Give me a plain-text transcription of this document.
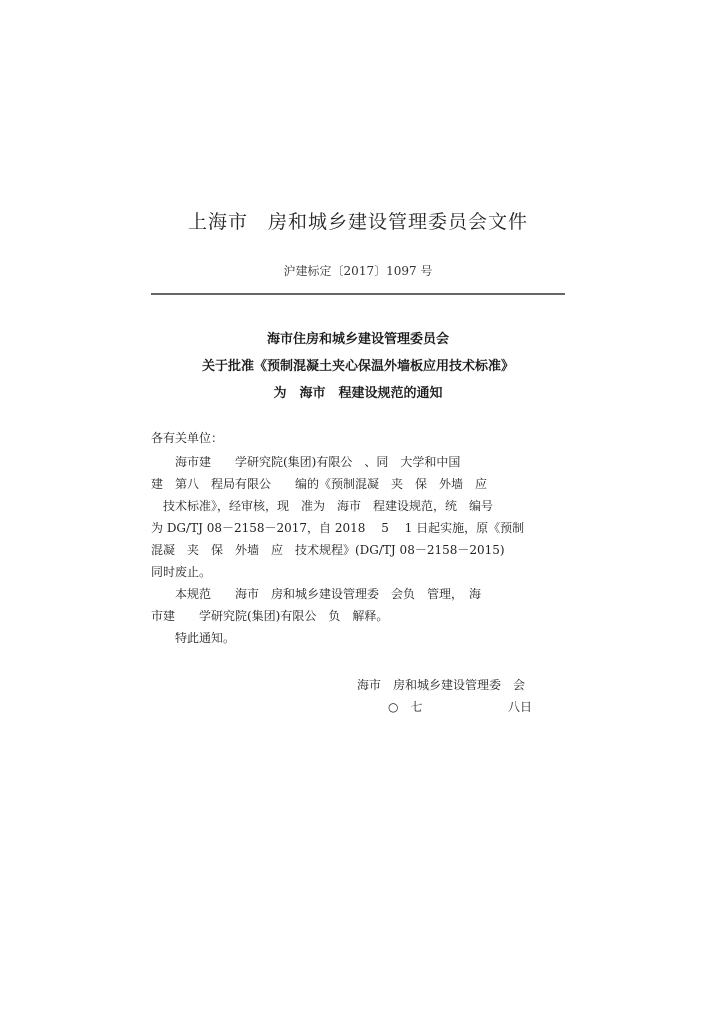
上海市　房和城乡建设管理委员会文件
沪建标定〔2017〕1097 号
海市住房和城乡建设管理委员会
关于批准《预制混凝土夹心保温外墙板应用技术标准》
为　海市　程建设规范的通知
各有关单位：
　　海市建　　学研究院(集团)有限公　、同　大学和中国
建　第八　程局有限公　　编的《预制混凝　夹　保　外墙　应
　技术标准》，经审核，现　准为　海市　程建设规范，统　编号
为 DG/TJ 08－2158－2017，自 2018　 5　 1 日起实施，原《预制
混凝　夹　保　外墙　应　技术规程》(DG/TJ 08－2158－2015)
同时废止。
　　本规范　　海市　房和城乡建设管理委　会负　管理，　海
市建　　学研究院(集团)有限公　负　解释。
　　特此通知。
海市　房和城乡建设管理委　会
○　七	八日
